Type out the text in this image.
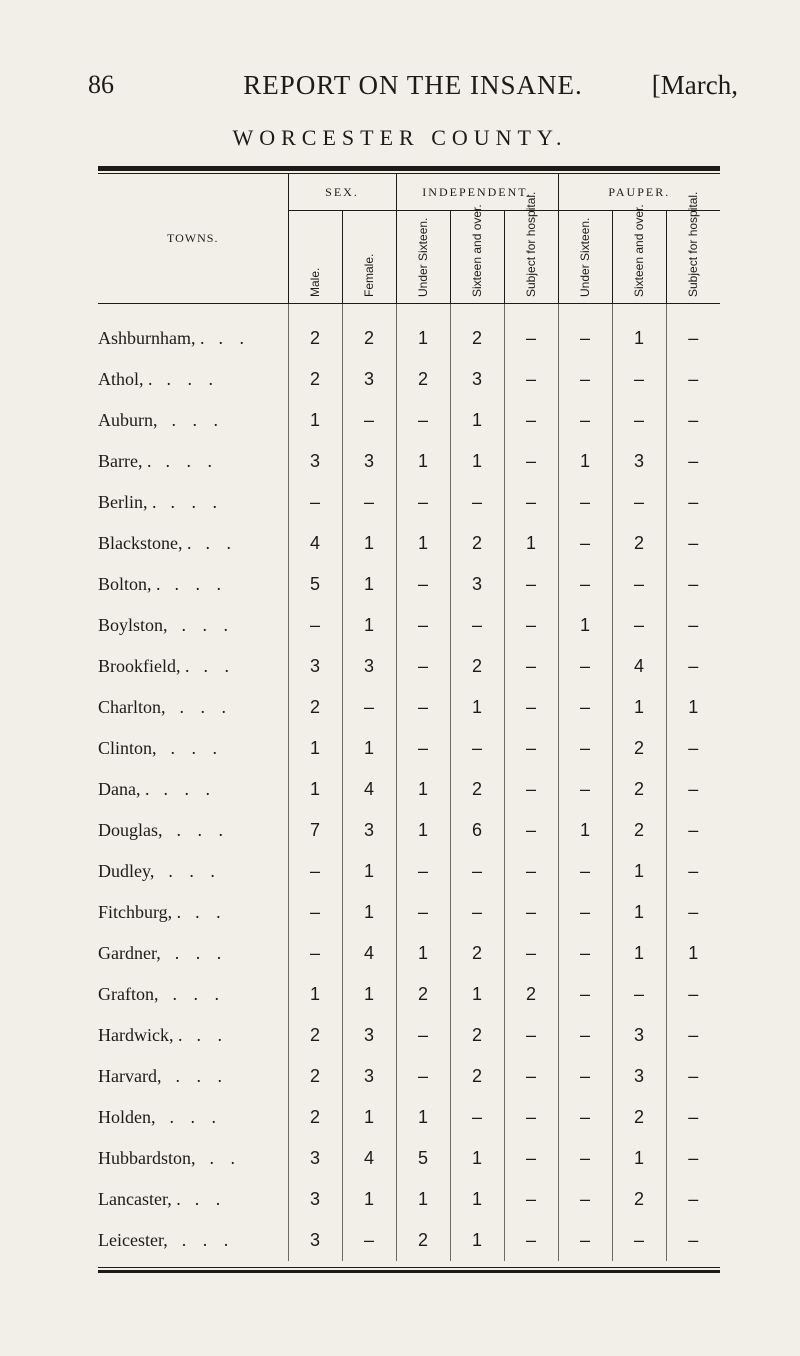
86	REPORT ON THE INSANE.	[March,
WORCESTER COUNTY.
TOWNS.	SEX.		INDEPENDENT.			PAUPER.		

	Male.	Female.	Under Sixteen.	Sixteen and over.	Subject for hospital.	Under Sixteen.	Sixteen and over.	Subject for hospital.

Ashburnham, . . .	2	2	1	2	–	–	1	–
Athol, . . . .	2	3	2	3	–	–	–	–
Auburn, . . .	1	–	–	1	–	–	–	–
Barre, . . . .	3	3	1	1	–	1	3	–
Berlin, . . . .	–	–	–	–	–	–	–	–
Blackstone, . . .	4	1	1	2	1	–	2	–
Bolton, . . . .	5	1	–	3	–	–	–	–
Boylston, . . .	–	1	–	–	–	1	–	–
Brookfield, . . .	3	3	–	2	–	–	4	–
Charlton, . . .	2	–	–	1	–	–	1	1
Clinton, . . .	1	1	–	–	–	–	2	–
Dana, . . . .	1	4	1	2	–	–	2	–
Douglas, . . .	7	3	1	6	–	1	2	–
Dudley, . . .	–	1	–	–	–	–	1	–
Fitchburg, . . .	–	1	–	–	–	–	1	–
Gardner, . . .	–	4	1	2	–	–	1	1
Grafton, . . .	1	1	2	1	2	–	–	–
Hardwick, . . .	2	3	–	2	–	–	3	–
Harvard, . . .	2	3	–	2	–	–	3	–
Holden, . . .	2	1	1	–	–	–	2	–
Hubbardston, . .	3	4	5	1	–	–	1	–
Lancaster, . . .	3	1	1	1	–	–	2	–
Leicester, . . .	3	–	2	1	–	–	–	–
